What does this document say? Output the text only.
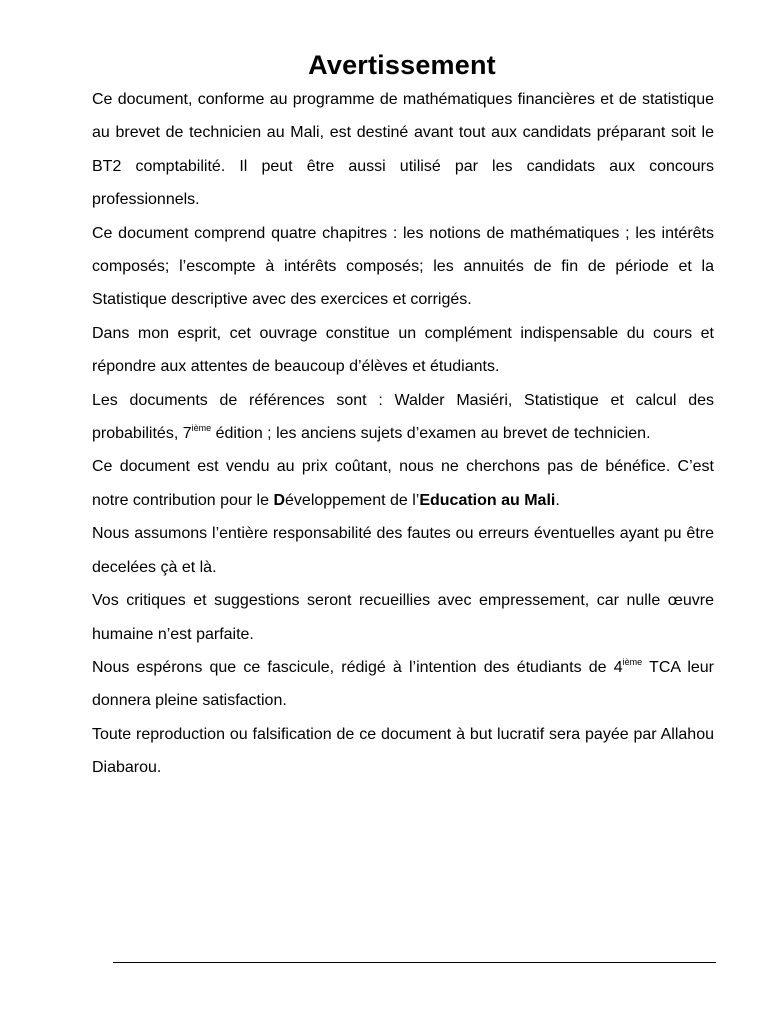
Avertissement

Ce document, conforme au programme de mathématiques financières et de statistique au brevet de technicien au Mali, est destiné avant tout aux candidats préparant soit le BT2 comptabilité. Il peut être aussi utilisé par les candidats aux concours professionnels.

Ce document comprend quatre chapitres : les notions de mathématiques ; les intérêts composés; l’escompte à intérêts composés; les annuités de fin de période et la Statistique descriptive avec des exercices et corrigés.

Dans mon esprit, cet ouvrage constitue un complément indispensable du cours et répondre aux attentes de beaucoup d’élèves et étudiants.

Les documents de références sont : Walder Masiéri, Statistique et calcul des probabilités, 7ième édition ; les anciens sujets d’examen au brevet de technicien.

Ce document est vendu au prix coûtant, nous ne cherchons pas de bénéfice. C’est notre contribution pour le Développement de l’Education au Mali.

Nous assumons l’entière responsabilité des fautes ou erreurs éventuelles ayant pu être decelées çà et là.

Vos critiques et suggestions seront recueillies avec empressement, car nulle œuvre humaine n’est parfaite.

Nous espérons que ce fascicule, rédigé à l’intention des étudiants de 4ième TCA leur donnera pleine satisfaction.

Toute reproduction ou falsification de ce document à but lucratif sera payée par Allahou Diabarou.
